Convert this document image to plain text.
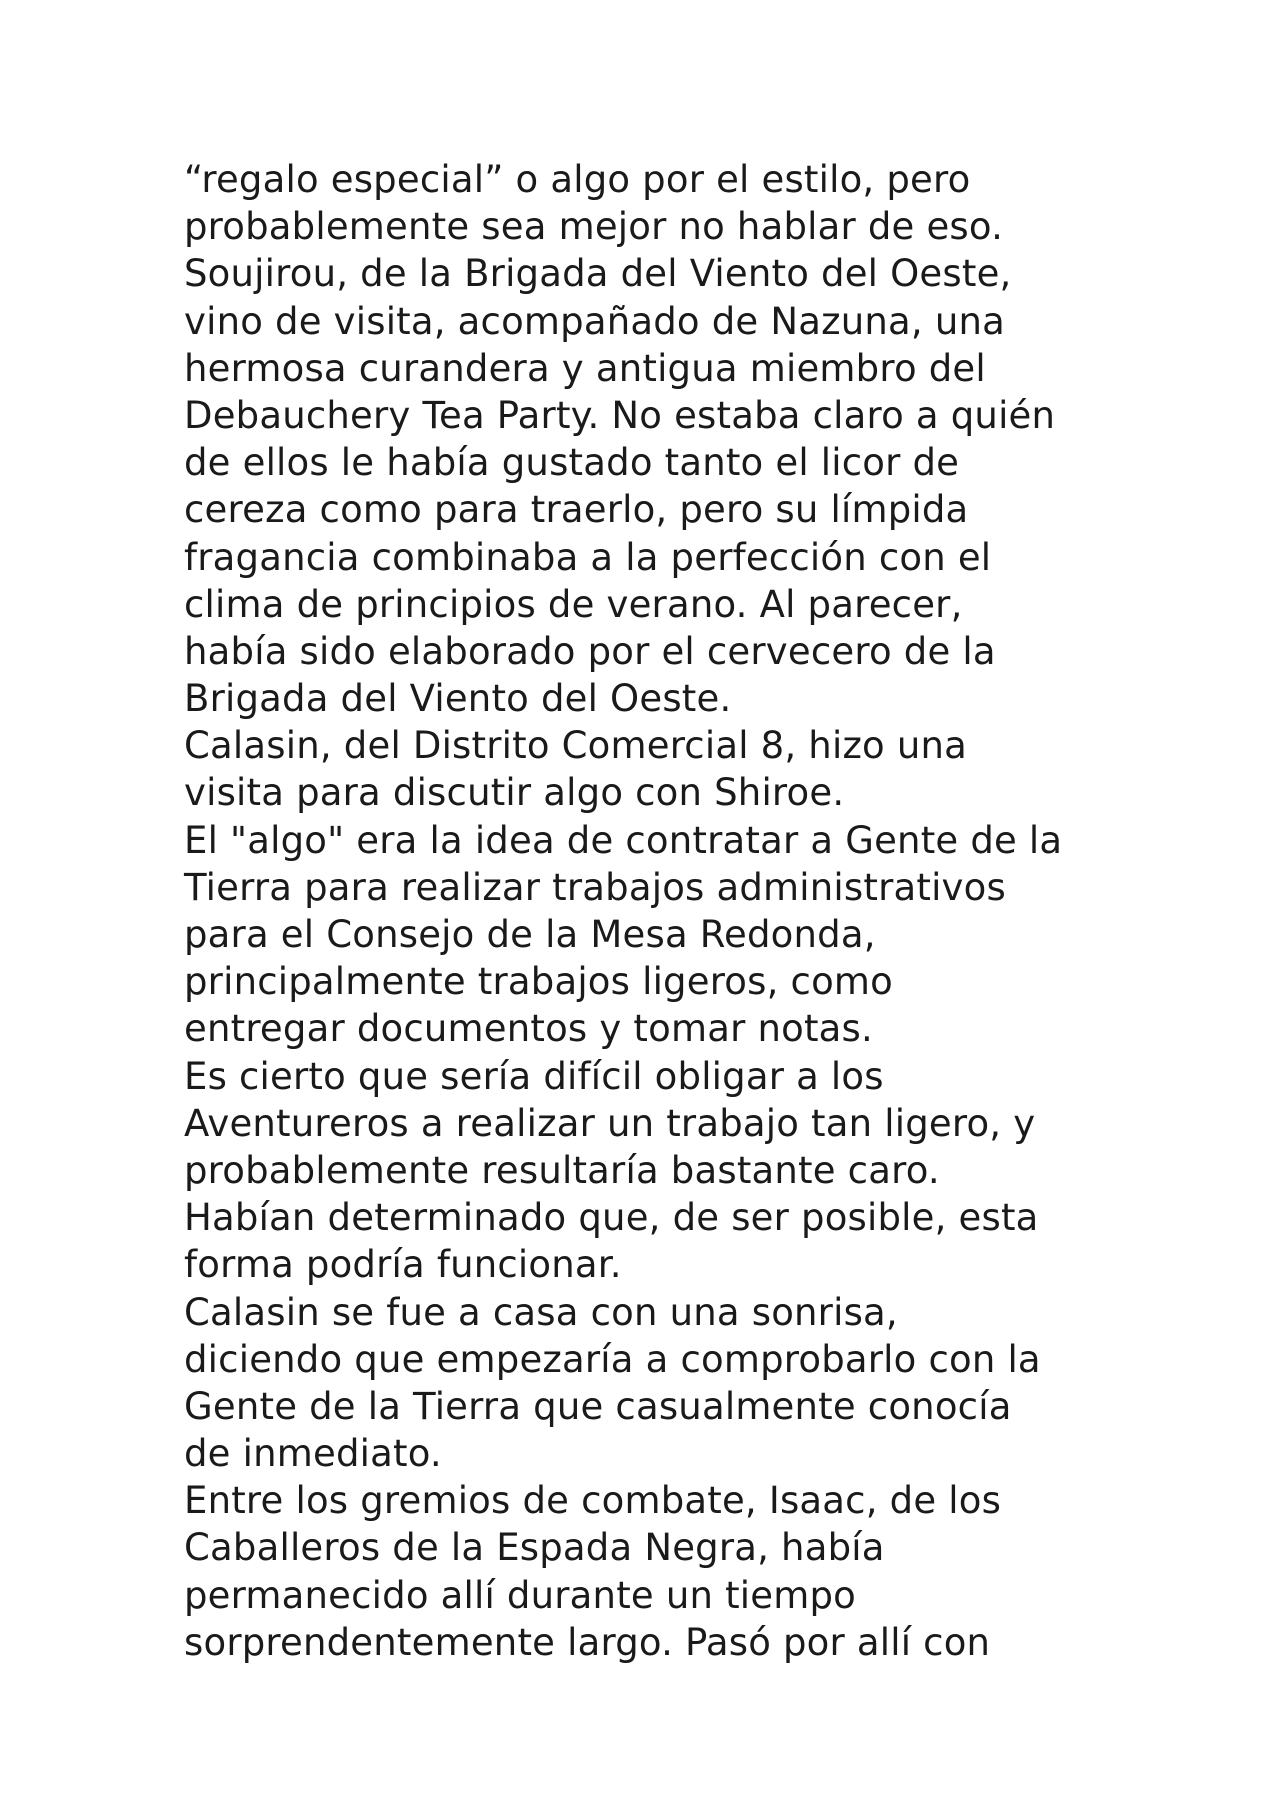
“regalo especial” o algo por el estilo, pero
probablemente sea mejor no hablar de eso.
Soujirou, de la Brigada del Viento del Oeste,
vino de visita, acompañado de Nazuna, una
hermosa curandera y antigua miembro del
Debauchery Tea Party. No estaba claro a quién
de ellos le había gustado tanto el licor de
cereza como para traerlo, pero su límpida
fragancia combinaba a la perfección con el
clima de principios de verano. Al parecer,
había sido elaborado por el cervecero de la
Brigada del Viento del Oeste.
Calasin, del Distrito Comercial 8, hizo una
visita para discutir algo con Shiroe.
El "algo" era la idea de contratar a Gente de la
Tierra para realizar trabajos administrativos
para el Consejo de la Mesa Redonda,
principalmente trabajos ligeros, como
entregar documentos y tomar notas.
Es cierto que sería difícil obligar a los
Aventureros a realizar un trabajo tan ligero, y
probablemente resultaría bastante caro.
Habían determinado que, de ser posible, esta
forma podría funcionar.
Calasin se fue a casa con una sonrisa,
diciendo que empezaría a comprobarlo con la
Gente de la Tierra que casualmente conocía
de inmediato.
Entre los gremios de combate, Isaac, de los
Caballeros de la Espada Negra, había
permanecido allí durante un tiempo
sorprendentemente largo. Pasó por allí con
